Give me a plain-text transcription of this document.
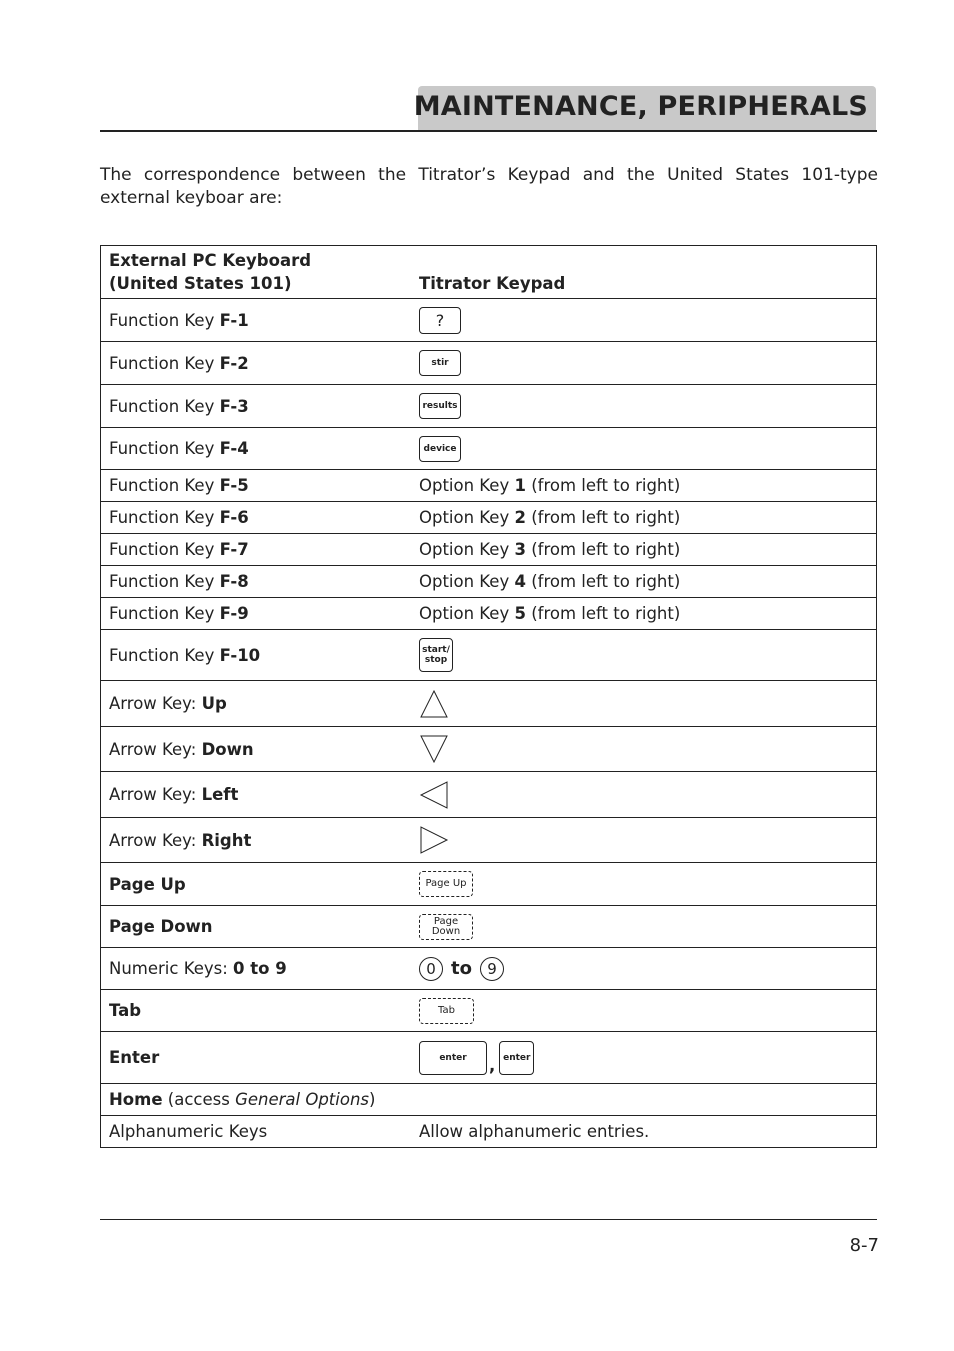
MAINTENANCE, PERIPHERALS
The correspondence between the Titrator’s Keypad and the United States 101-type external keyboar are:
External PC Keyboard
(United States 101)	Titrator Keypad
Function Key F-1	?
Function Key F-2	stir
Function Key F-3	results
Function Key F-4	device
Function Key F-5	Option Key 1 (from left to right)
Function Key F-6	Option Key 2 (from left to right)
Function Key F-7	Option Key 3 (from left to right)
Function Key F-8	Option Key 4 (from left to right)
Function Key F-9	Option Key 5 (from left to right)
Function Key F-10	start/ stop
Arrow Key: Up	
Arrow Key: Down	
Arrow Key: Left	
Arrow Key: Right	
Page Up	Page Up
Page Down	Page Down
Numeric Keys: 0 to 9	0 to 9
Tab	Tab
Enter	enter , enter
Home (access General Options)	
Alphanumeric Keys	Allow alphanumeric entries.
8-7
